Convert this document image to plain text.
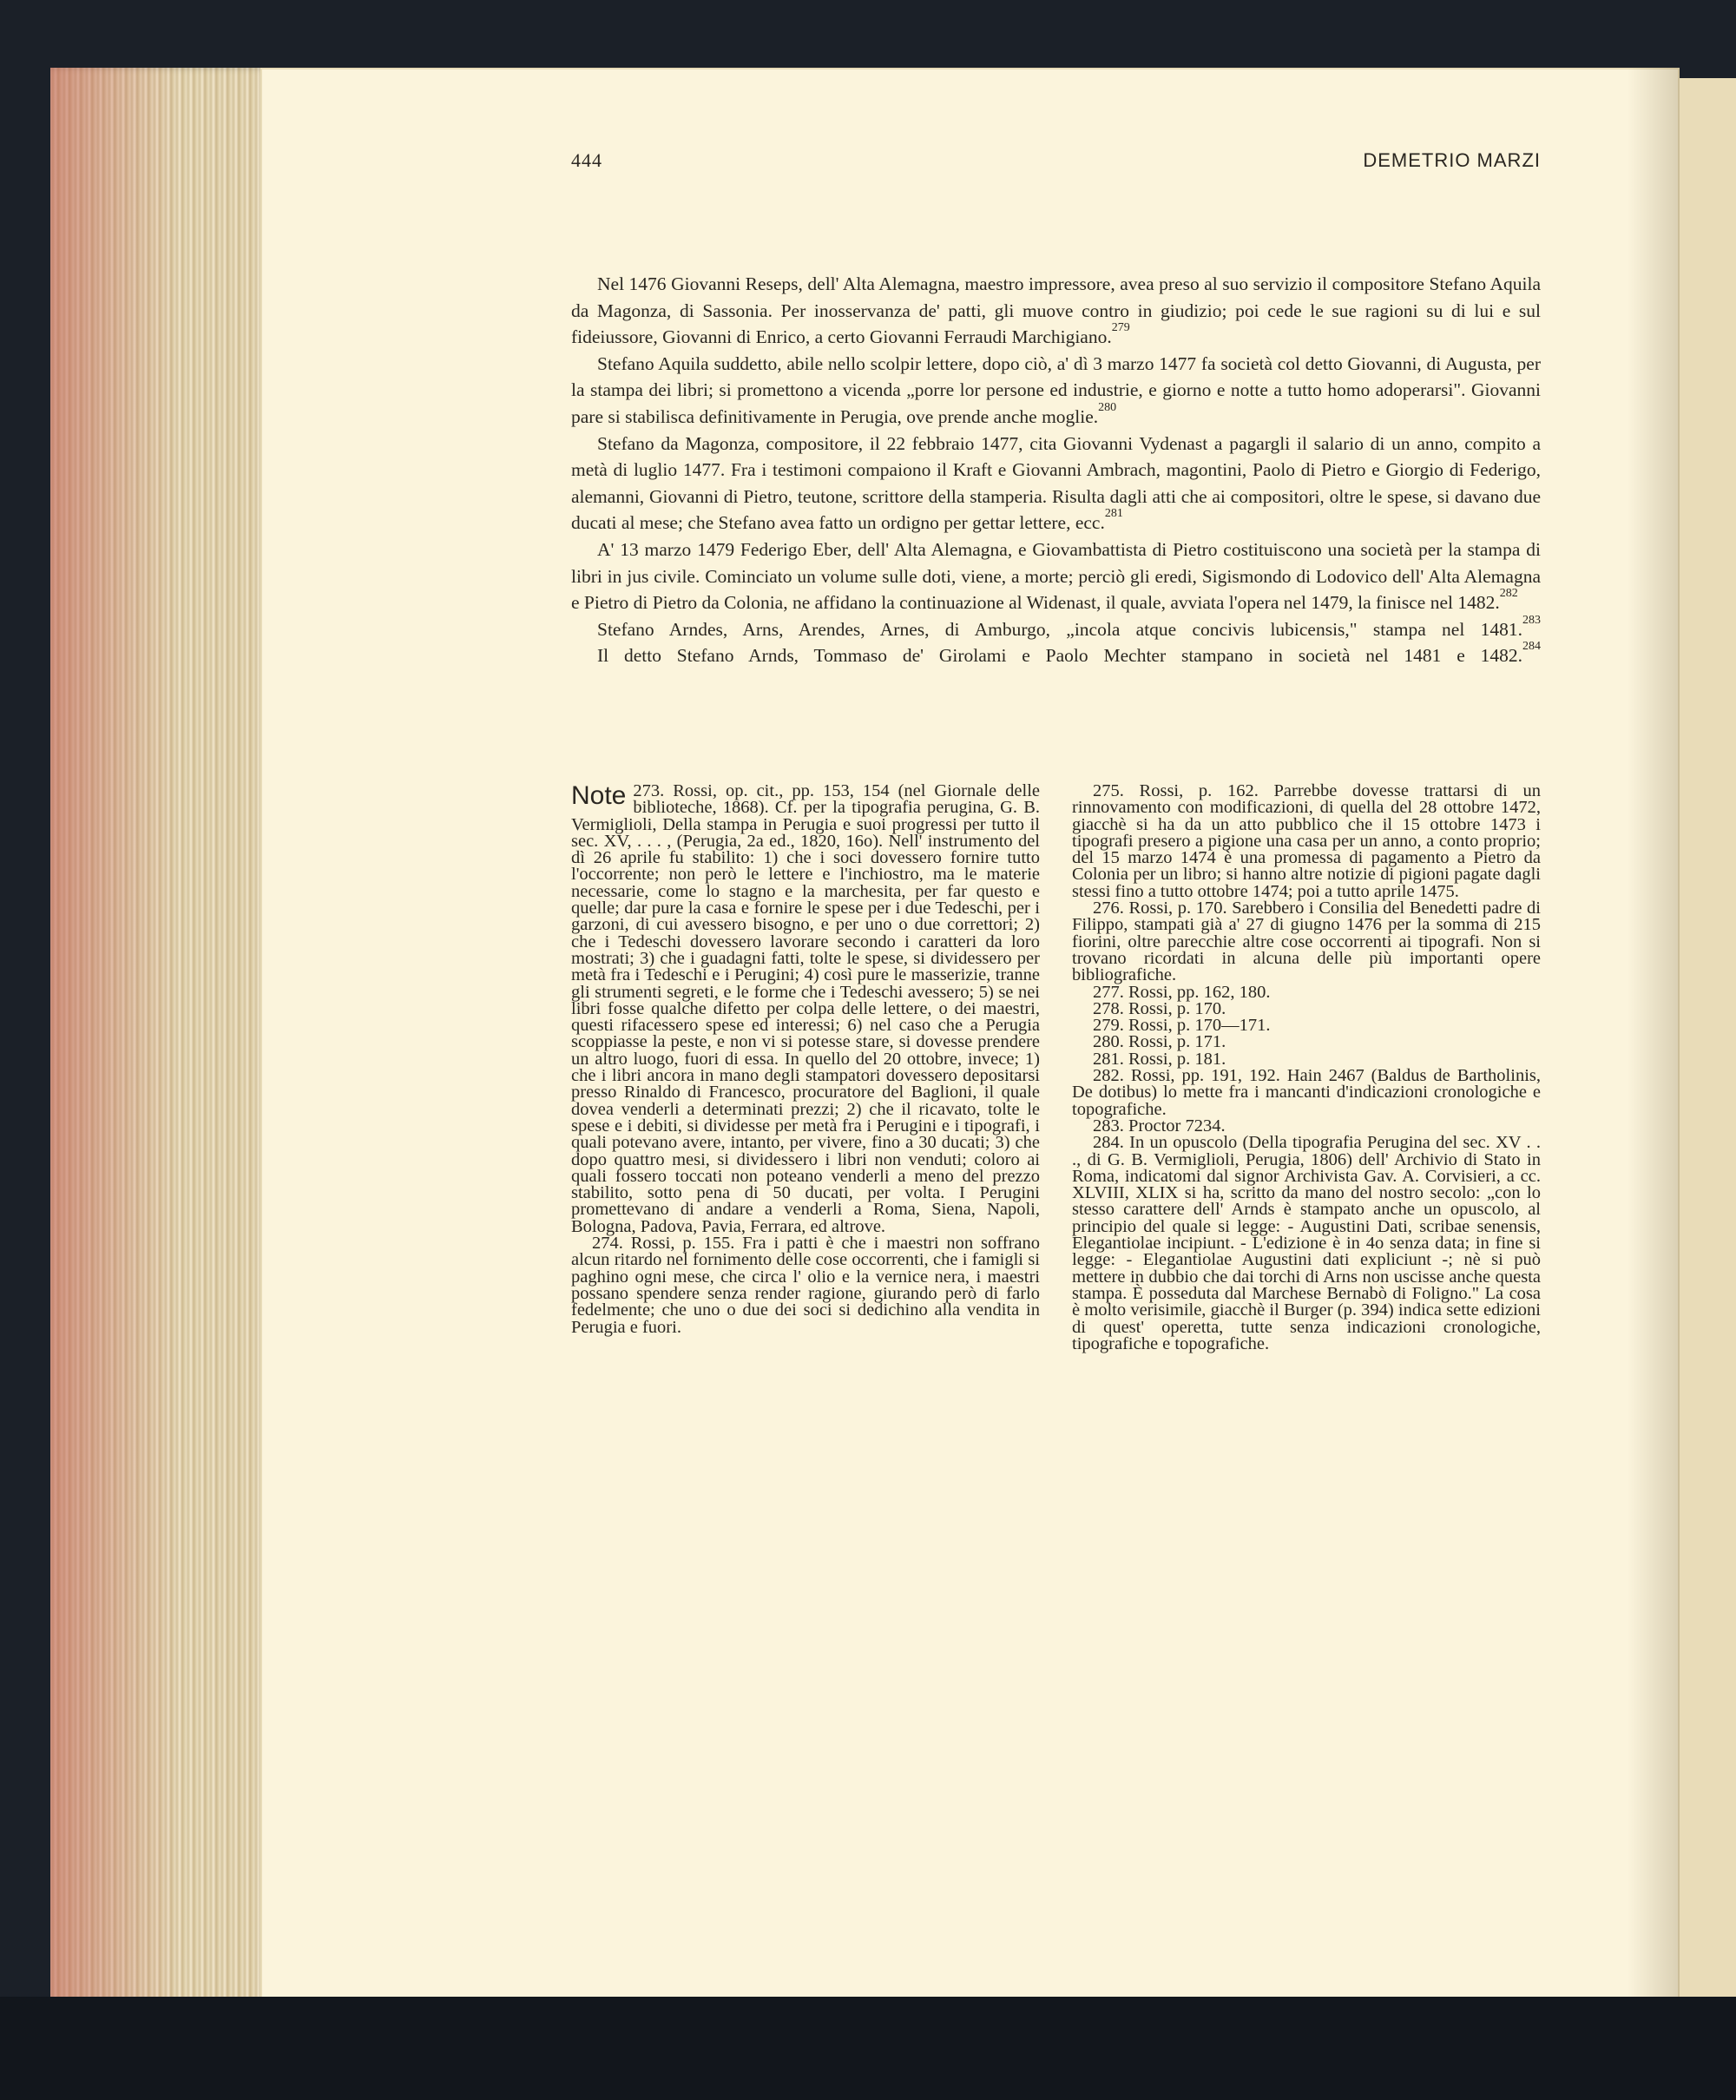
444	DEMETRIO MARZI

Nel 1476 Giovanni Reseps, dell' Alta Alemagna, maestro impressore, avea preso al suo servizio il compositore Stefano Aquila da Magonza, di Sassonia. Per inosservanza de' patti, gli muove contro in giudizio; poi cede le sue ragioni su di lui e sul fideiussore, Giovanni di Enrico, a certo Giovanni Ferraudi Marchigiano.$^{279}$

Stefano Aquila suddetto, abile nello scolpir lettere, dopo ciò, a' dì 3 marzo 1477 fa società col detto Giovanni, di Augusta, per la stampa dei libri; si promettono a vicenda „porre lor persone ed industrie, e giorno e notte a tutto homo adoperarsi". Giovanni pare si stabilisca definitivamente in Perugia, ove prende anche moglie.$^{280}$

Stefano da Magonza, compositore, il 22 febbraio 1477, cita Giovanni Vydenast a pagargli il salario di un anno, compito a metà di luglio 1477. Fra i testimoni compaiono il Kraft e Giovanni Ambrach, magontini, Paolo di Pietro e Giorgio di Federigo, alemanni, Giovanni di Pietro, teutone, scrittore della stamperia. Risulta dagli atti che ai compositori, oltre le spese, si davano due ducati al mese; che Stefano avea fatto un ordigno per gettar lettere, ecc.$^{281}$

A' 13 marzo 1479 Federigo Eber, dell' Alta Alemagna, e Giovambattista di Pietro costituiscono una società per la stampa di libri in jus civile. Cominciato un volume sulle doti, viene, a morte; perciò gli eredi, Sigismondo di Lodovico dell' Alta Alemagna e Pietro di Pietro da Colonia, ne affidano la continuazione al Widenast, il quale, avviata l'opera nel 1479, la finisce nel 1482.$^{282}$

Stefano Arndes, Arns, Arendes, Arnes, di Amburgo, „incola atque concivis lubicensis," stampa nel 1481.$^{283}$

Il detto Stefano Arnds, Tommaso de' Girolami e Paolo Mechter stampano in società nel 1481 e 1482.$^{284}$

Note 273. Rossi, op. cit., pp. 153, 154 (nel Giornale delle biblioteche, 1868). Cf. per la tipografia perugina, G. B. Vermiglioli, Della stampa in Perugia e suoi progressi per tutto il sec. XV, . . . , (Perugia, 2a ed., 1820, 16o). Nell' instrumento del dì 26 aprile fu stabilito: 1) che i soci dovessero fornire tutto l'occorrente; non però le lettere e l'inchiostro, ma le materie necessarie, come lo stagno e la marchesita, per far questo e quelle; dar pure la casa e fornire le spese per i due Tedeschi, per i garzoni, di cui avessero bisogno, e per uno o due correttori; 2) che i Tedeschi dovessero lavorare secondo i caratteri da loro mostrati; 3) che i guadagni fatti, tolte le spese, si dividessero per metà fra i Tedeschi e i Perugini; 4) così pure le masserizie, tranne gli strumenti segreti, e le forme che i Tedeschi avessero; 5) se nei libri fosse qualche difetto per colpa delle lettere, o dei maestri, questi rifacessero spese ed interessi; 6) nel caso che a Perugia scoppiasse la peste, e non vi si potesse stare, si dovesse prendere un altro luogo, fuori di essa. In quello del 20 ottobre, invece; 1) che i libri ancora in mano degli stampatori dovessero depositarsi presso Rinaldo di Francesco, procuratore del Baglioni, il quale dovea venderli a determinati prezzi; 2) che il ricavato, tolte le spese e i debiti, si dividesse per metà fra i Perugini e i tipografi, i quali potevano avere, intanto, per vivere, fino a 30 ducati; 3) che dopo quattro mesi, si dividessero i libri non venduti; coloro ai quali fossero toccati non poteano venderli a meno del prezzo stabilito, sotto pena di 50 ducati, per volta. I Perugini promettevano di andare a venderli a Roma, Siena, Napoli, Bologna, Padova, Pavia, Ferrara, ed altrove.

274. Rossi, p. 155. Fra i patti è che i maestri non soffrano alcun ritardo nel fornimento delle cose occorrenti, che i famigli si paghino ogni mese, che circa l' olio e la vernice nera, i maestri possano spendere senza render ragione, giurando però di farlo fedelmente; che uno o due dei soci si dedichino alla vendita in Perugia e fuori.

275. Rossi, p. 162. Parrebbe dovesse trattarsi di un rinnovamento con modificazioni, di quella del 28 ottobre 1472, giacchè si ha da un atto pubblico che il 15 ottobre 1473 i tipografi presero a pigione una casa per un anno, a conto proprio; del 15 marzo 1474 è una promessa di pagamento a Pietro da Colonia per un libro; si hanno altre notizie di pigioni pagate dagli stessi fino a tutto ottobre 1474; poi a tutto aprile 1475.

276. Rossi, p. 170. Sarebbero i Consilia del Benedetti padre di Filippo, stampati già a' 27 di giugno 1476 per la somma di 215 fiorini, oltre parecchie altre cose occorrenti ai tipografi. Non si trovano ricordati in alcuna delle più importanti opere bibliografiche.

277. Rossi, pp. 162, 180.

278. Rossi, p. 170.

279. Rossi, p. 170—171.

280. Rossi, p. 171.

281. Rossi, p. 181.

282. Rossi, pp. 191, 192. Hain 2467 (Baldus de Bartholinis, De dotibus) lo mette fra i mancanti d'indicazioni cronologiche e topografiche.

283. Proctor 7234.

284. In un opuscolo (Della tipografia Perugina del sec. XV . . ., di G. B. Vermiglioli, Perugia, 1806) dell' Archivio di Stato in Roma, indicatomi dal signor Archivista Gav. A. Corvisieri, a cc. XLVIII, XLIX si ha, scritto da mano del nostro secolo: „con lo stesso carattere dell' Arnds è stampato anche un opuscolo, al principio del quale si legge: - Augustini Dati, scribae senensis, Elegantiolae incipiunt. - L'edizione è in 4o senza data; in fine si legge: - Elegantiolae Augustini dati expliciunt -; nè si può mettere in dubbio che dai torchi di Arns non uscisse anche questa stampa. È posseduta dal Marchese Bernabò di Foligno." La cosa è molto verisimile, giacchè il Burger (p. 394) indica sette edizioni di quest' operetta, tutte senza indicazioni cronologiche, tipografiche e topografiche.
